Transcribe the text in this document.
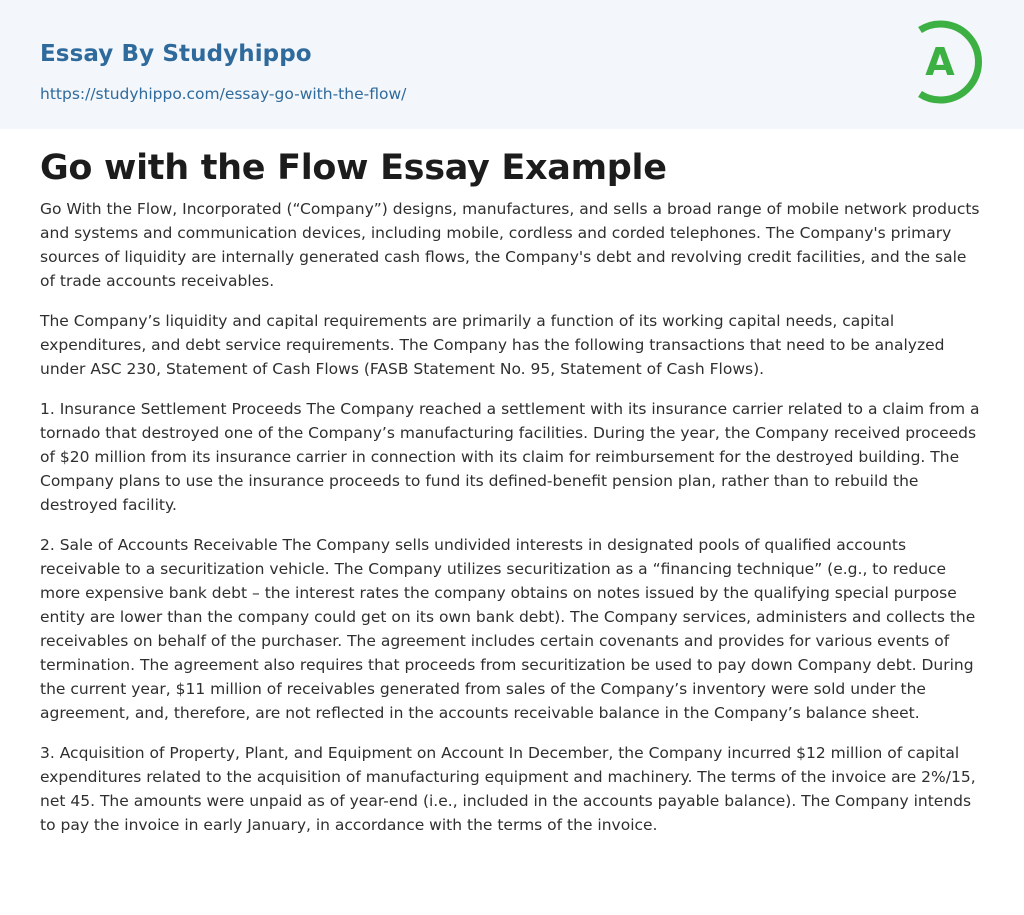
Essay By Studyhippo
https://studyhippo.com/essay-go-with-the-flow/
A
Go with the Flow Essay Example

Go With the Flow, Incorporated (“Company”) designs, manufactures, and sells a broad range of mobile network products and systems and communication devices, including mobile, cordless and corded telephones. The Company's primary sources of liquidity are internally generated cash flows, the Company's debt and revolving credit facilities, and the sale of trade accounts receivables.

The Company’s liquidity and capital requirements are primarily a function of its working capital needs, capital expenditures, and debt service requirements. The Company has the following transactions that need to be analyzed under ASC 230, Statement of Cash Flows (FASB Statement No. 95, Statement of Cash Flows).

1. Insurance Settlement Proceeds The Company reached a settlement with its insurance carrier related to a claim from a tornado that destroyed one of the Company’s manufacturing facilities. During the year, the Company received proceeds of $20 million from its insurance carrier in connection with its claim for reimbursement for the destroyed building. The Company plans to use the insurance proceeds to fund its defined-benefit pension plan, rather than to rebuild the destroyed facility.

2. Sale of Accounts Receivable The Company sells undivided interests in designated pools of qualified accounts receivable to a securitization vehicle. The Company utilizes securitization as a “financing technique” (e.g., to reduce more expensive bank debt – the interest rates the company obtains on notes issued by the qualifying special purpose entity are lower than the company could get on its own bank debt). The Company services, administers and collects the receivables on behalf of the purchaser. The agreement includes certain covenants and provides for various events of termination. The agreement also requires that proceeds from securitization be used to pay down Company debt. During the current year, $11 million of receivables generated from sales of the Company’s inventory were sold under the agreement, and, therefore, are not reflected in the accounts receivable balance in the Company’s balance sheet.

3. Acquisition of Property, Plant, and Equipment on Account In December, the Company incurred $12 million of capital expenditures related to the acquisition of manufacturing equipment and machinery. The terms of the invoice are 2%/15, net 45. The amounts were unpaid as of year-end (i.e., included in the accounts payable balance). The Company intends to pay the invoice in early January, in accordance with the terms of the invoice.
